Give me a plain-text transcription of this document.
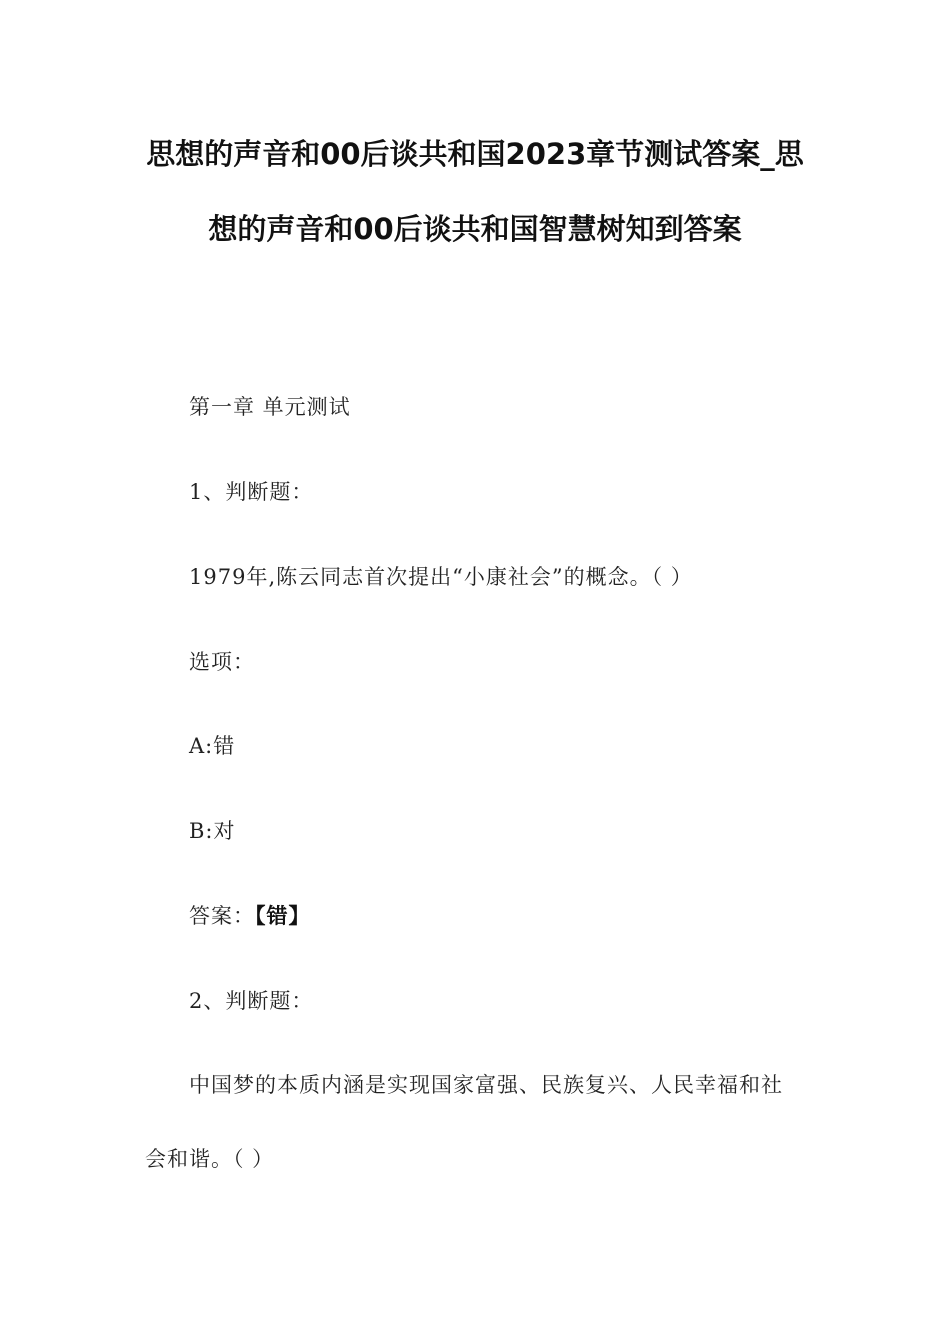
思想的声音和00后谈共和国2023章节测试答案_思
想的声音和00后谈共和国智慧树知到答案
第一章 单元测试
1、判断题：
1979年,陈云同志首次提出“小康社会”的概念。（ ）
选项：
A:错
B:对
答案：【错】
2、判断题：
中国梦的本质内涵是实现国家富强、民族复兴、人民幸福和社
会和谐。（ ）
